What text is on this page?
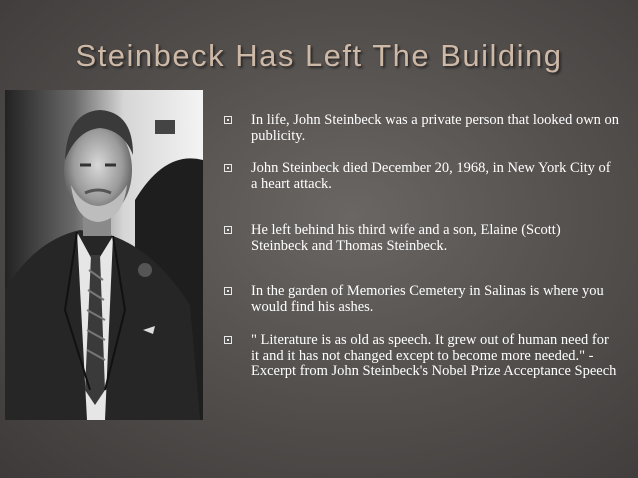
Steinbeck Has Left The Building
In life, John Steinbeck was a private person that looked own on publicity.
John Steinbeck died December 20, 1968, in New York City of a heart attack.
He left behind his third wife and a son, Elaine (Scott) Steinbeck and Thomas Steinbeck.
In the garden of Memories Cemetery in Salinas is where you would find his ashes.
" Literature is as old as speech. It grew out of human need for it and it has not changed except to become more needed." - Excerpt from John Steinbeck's Nobel Prize Acceptance Speech
